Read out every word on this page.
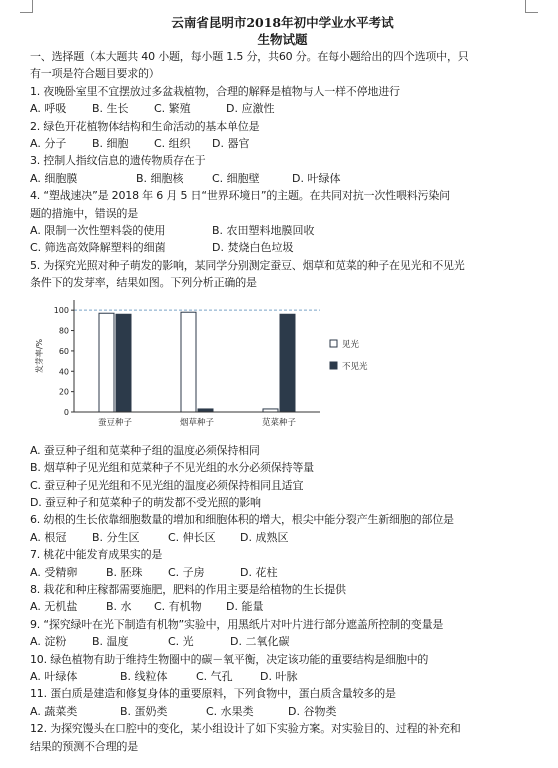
云南省昆明市2018年初中学业水平考试
生物试题
一、选择题（本大题共 40 小题，每小题 1.5 分，共60 分。在每小题给出的四个选项中，只
有一项是符合题目要求的）
1. 夜晚卧室里不宜摆放过多盆栽植物，合理的解释是植物与人一样不停地进行
A. 呼吸	B. 生长	C. 繁殖	D. 应激性
2. 绿色开花植物体结构和生命活动的基本单位是
A. 分子	B. 细胞	C. 组织	D. 器官
3. 控制人指纹信息的遗传物质存在于
A. 细胞膜	B. 细胞核	C. 细胞壁	D. 叶绿体
4. “塑战速决”是 2018 年 6 月 5 日“世界环境日”的主题。在共同对抗一次性喂料污染问
题的措施中，错误的是
A. 限制一次性塑料袋的使用	B. 农田塑料地膜回收
C. 筛选高效降解塑料的细菌	D. 焚烧白色垃圾
5. 为探究光照对种子萌发的影响，某同学分别测定蚕豆、烟草和苋菜的种子在见光和不见光
条件下的发芽率，结果如图。下列分析正确的是
发芽率/%
0
20
40
60
80
100
蚕豆种子	烟草种子	苋菜种子
见光
不见光
A. 蚕豆种子组和苋菜种子组的温度必须保持相同
B. 烟草种子见光组和苋菜种子不见光组的水分必须保持等量
C. 蚕豆种子见光组和不见光组的温度必须保持相同且适宜
D. 蚕豆种子和苋菜种子的萌发都不受光照的影响
6. 幼根的生长依靠细胞数量的增加和细胞体积的增大，根尖中能分裂产生新细胞的部位是
A. 根冠	B. 分生区	C. 伸长区	D. 成熟区
7. 桃花中能发育成果实的是
A. 受精卵	B. 胚珠	C. 子房	D. 花柱
8. 栽花和种庄稼都需要施肥，肥料的作用主要是给植物的生长提供
A. 无机盐	B. 水	C. 有机物	D. 能量
9. “探究绿叶在光下制造有机物”实验中，用黑纸片对叶片进行部分遮盖所控制的变量是
A. 淀粉	B. 温度	C. 光	D. 二氧化碳
10. 绿色植物有助于维持生物圈中的碳－氧平衡，决定该功能的重要结构是细胞中的
A. 叶绿体	B. 线粒体	C. 气孔	D. 叶脉
11. 蛋白质是建造和修复身体的重要原料，下列食物中，蛋白质含量较多的是
A. 蔬菜类	B. 蛋奶类	C. 水果类	D. 谷物类
12. 为探究馒头在口腔中的变化，某小组设计了如下实验方案。对实验目的、过程的补充和
结果的预测不合理的是
